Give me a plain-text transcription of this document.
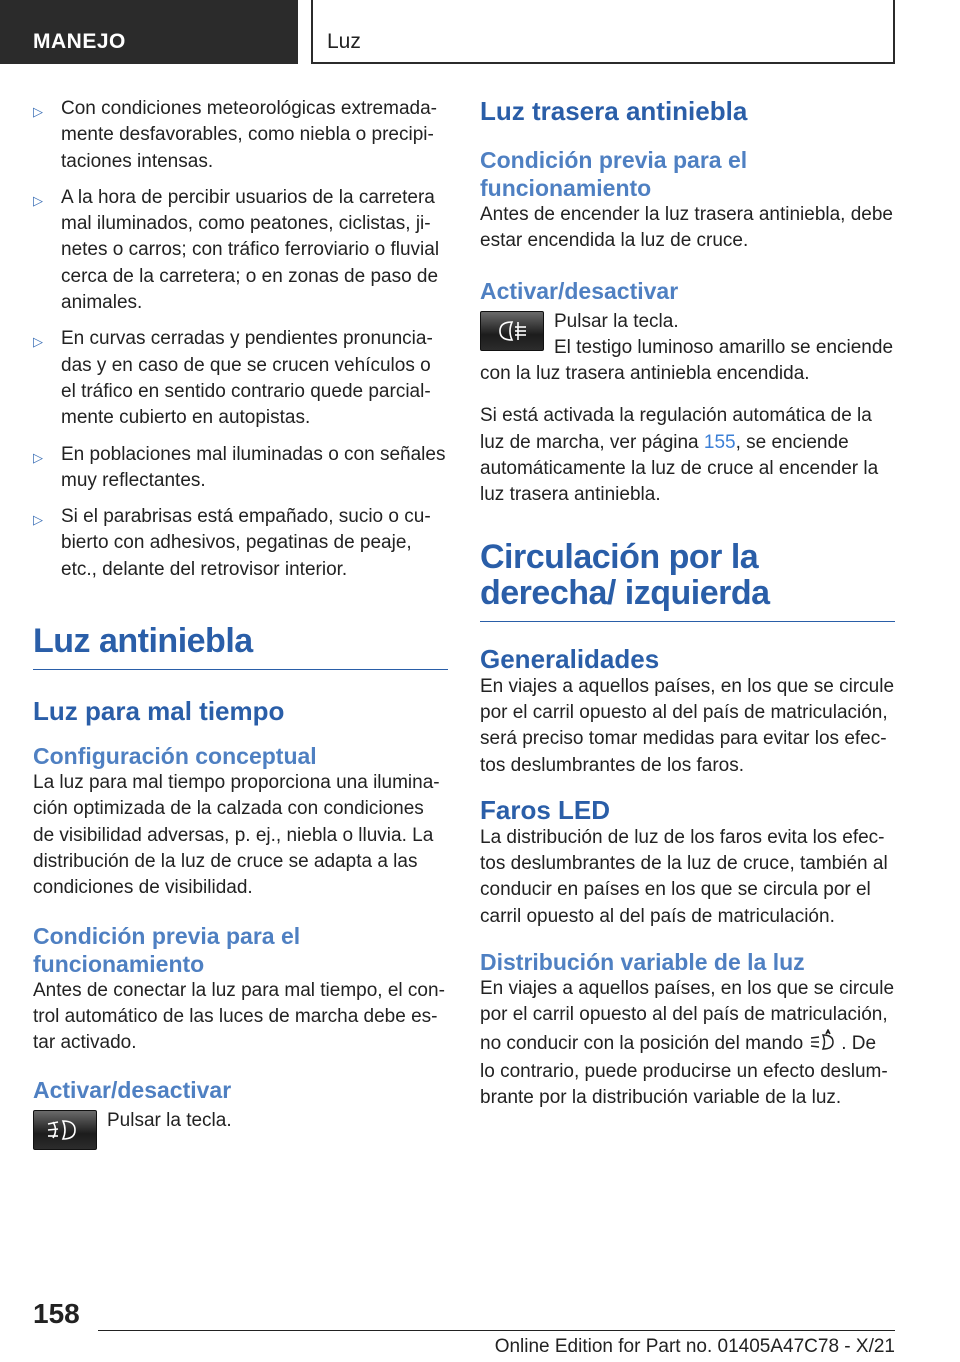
MANEJO	Luz
▷ Con condiciones meteorológicas extremadamente desfavorables, como niebla o precipitaciones intensas.
▷ A la hora de percibir usuarios de la carretera mal iluminados, como peatones, ciclistas, jinetes o carros; con tráfico ferroviario o fluvial cerca de la carretera; o en zonas de paso de animales.
▷ En curvas cerradas y pendientes pronunciadas y en caso de que se crucen vehículos o el tráfico en sentido contrario quede parcialmente cubierto en autopistas.
▷ En poblaciones mal iluminadas o con señales muy reflectantes.
▷ Si el parabrisas está empañado, sucio o cubierto con adhesivos, pegatinas de peaje, etc., delante del retrovisor interior.
Luz antiniebla
Luz para mal tiempo
Configuración conceptual

La luz para mal tiempo proporciona una iluminación optimizada de la calzada con condiciones de visibilidad adversas, p. ej., niebla o lluvia. La distribución de la luz de cruce se adapta a las condiciones de visibilidad.

Condición previa para el funcionamiento

Antes de conectar la luz para mal tiempo, el control automático de las luces de marcha debe estar activado.

Activar/desactivar

Pulsar la tecla.

Luz trasera antiniebla
Condición previa para el funcionamiento

Antes de encender la luz trasera antiniebla, debe estar encendida la luz de cruce.

Activar/desactivar

Pulsar la tecla.

El testigo luminoso amarillo se enciende con la luz trasera antiniebla encendida.

Si está activada la regulación automática de la luz de marcha, ver página 155, se enciende automáticamente la luz de cruce al encender la luz trasera antiniebla.

Circulación por la derecha/ izquierda
Generalidades

En viajes a aquellos países, en los que se circule por el carril opuesto al del país de matriculación, será preciso tomar medidas para evitar los efectos deslumbrantes de los faros.

Faros LED

La distribución de luz de los faros evita los efectos deslumbrantes de la luz de cruce, también al conducir en países en los que se circula por el carril opuesto al del país de matriculación.

Distribución variable de la luz

En viajes a aquellos países, en los que se circule por el carril opuesto al del país de matriculación, no conducir con la posición del mando . De lo contrario, puede producirse un efecto deslumbrante por la distribución variable de la luz.

158
Online Edition for Part no. 01405A47C78 - X/21
